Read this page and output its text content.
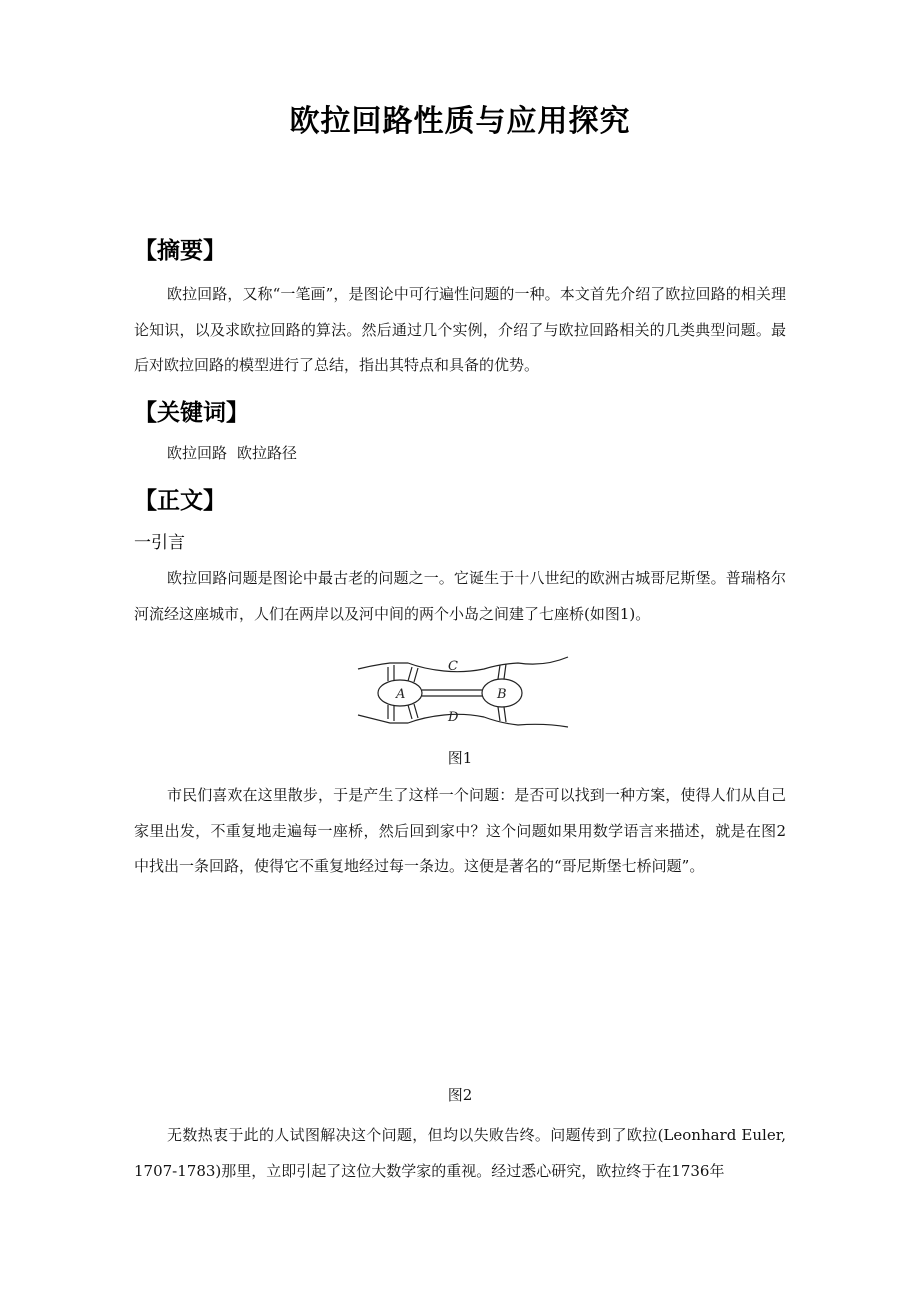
欧拉回路性质与应用探究
【摘要】

欧拉回路，又称“一笔画”，是图论中可行遍性问题的一种。本文首先介绍了欧拉回路的相关理论知识，以及求欧拉回路的算法。然后通过几个实例，介绍了与欧拉回路相关的几类典型问题。最后对欧拉回路的模型进行了总结，指出其特点和具备的优势。

【关键词】
欧拉回路 欧拉路径
【正文】
一引言

欧拉回路问题是图论中最古老的问题之一。它诞生于十八世纪的欧洲古城哥尼斯堡。普瑞格尔河流经这座城市，人们在两岸以及河中间的两个小岛之间建了七座桥(如图1)。

A	B
C
D
图1

市民们喜欢在这里散步，于是产生了这样一个问题：是否可以找到一种方案，使得人们从自己家里出发，不重复地走遍每一座桥，然后回到家中？这个问题如果用数学语言来描述，就是在图2中找出一条回路，使得它不重复地经过每一条边。这便是著名的“哥尼斯堡七桥问题”。

图2

无数热衷于此的人试图解决这个问题，但均以失败告终。问题传到了欧拉(Leonhard Euler, 1707-1783)那里，立即引起了这位大数学家的重视。经过悉心研究，欧拉终于在1736年
